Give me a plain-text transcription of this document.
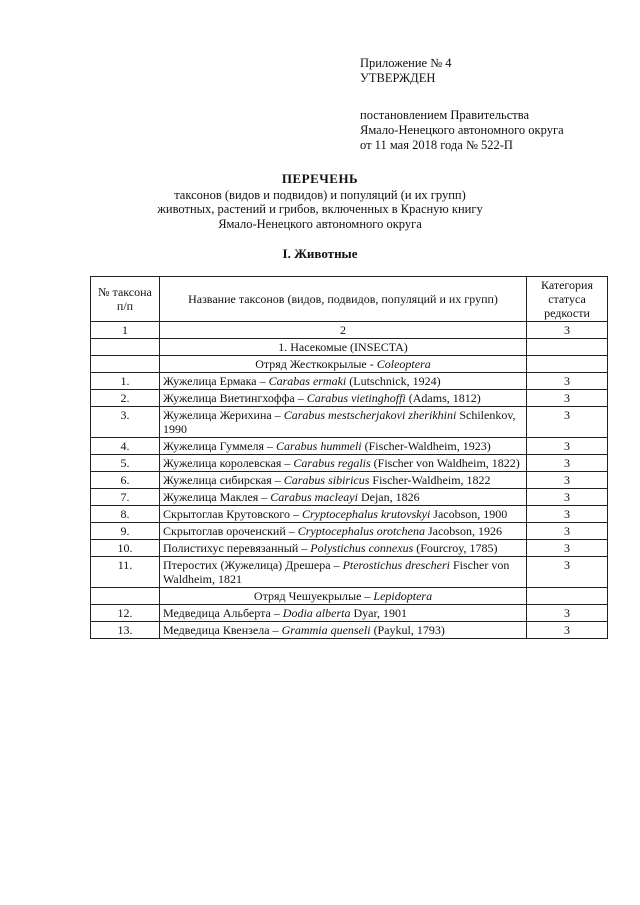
Приложение № 4
УТВЕРЖДЕН
постановлением Правительства
Ямало-Ненецкого автономного округа
от 11 мая 2018 года № 522-П
ПЕРЕЧЕНЬ
таксонов (видов и подвидов) и популяций (и их групп)
животных, растений и грибов, включенных в Красную книгу
Ямало-Ненецкого автономного округа
I. Животные
№ таксона п/п	Название таксонов (видов, подвидов, популяций и их групп)	Категория статуса редкости
1	2	3
	1. Насекомые (INSECTA)	
	Отряд Жесткокрылые - Coleoptera	
1.	Жужелица Ермака – Carabas ermaki (Lutschnick, 1924)	3
2.	Жужелица Виетингхоффа – Carabus vietinghoffi (Adams, 1812)	3
3.	Жужелица Жерихина – Carabus mestscherjakovi zherikhini Schilenkov, 1990	3
4.	Жужелица Гуммеля – Carabus hummeli (Fischer-Waldheim, 1923)	3
5.	Жужелица королевская – Carabus regalis (Fischer von Waldheim, 1822)	3
6.	Жужелица сибирская – Carabus sibiricus Fischer-Waldheim, 1822	3
7.	Жужелица Маклея – Carabus macleayi Dejan, 1826	3
8.	Скрытоглав Крутовского – Cryptocephalus krutovskyi Jacobson, 1900	3
9.	Скрытоглав ороченский – Cryptocephalus orotchena Jacobson, 1926	3
10.	Полистихус перевязанный – Polystichus connexus (Fourcroy, 1785)	3
11.	Птеростих (Жужелица) Дрешера – Pterostichus drescheri Fischer von Waldheim, 1821	3
	Отряд Чешуекрылые – Lepidoptera	
12.	Медведица Альберта – Dodia alberta Dyar, 1901	3
13.	Медведица Квензела – Grammia quenseli (Paykul, 1793)	3
